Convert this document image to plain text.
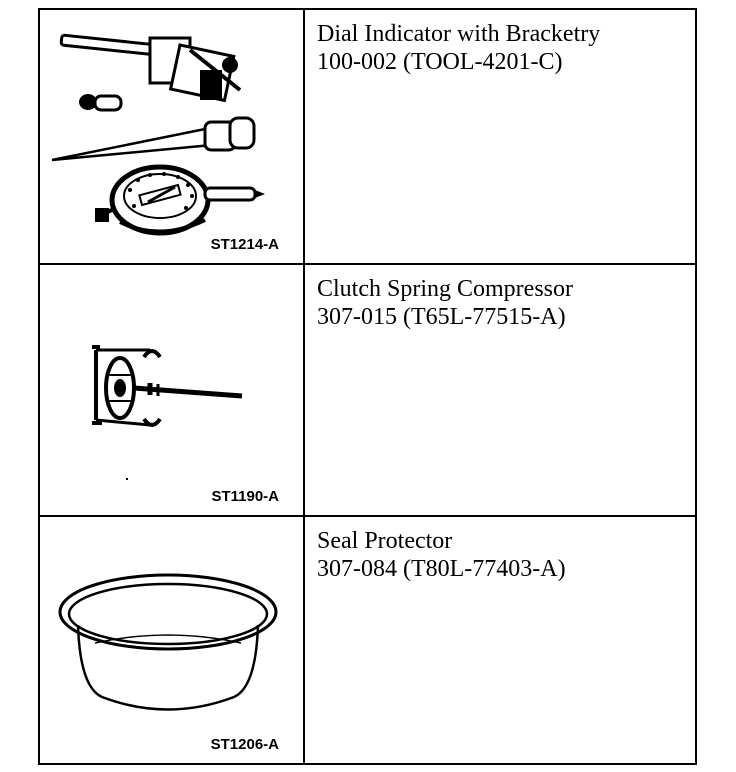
ST1214-A
Dial Indicator with Bracketry
100-002 (TOOL-4201-C)
ST1190-A
Clutch Spring Compressor
307-015 (T65L-77515-A)
ST1206-A
Seal Protector
307-084 (T80L-77403-A)
